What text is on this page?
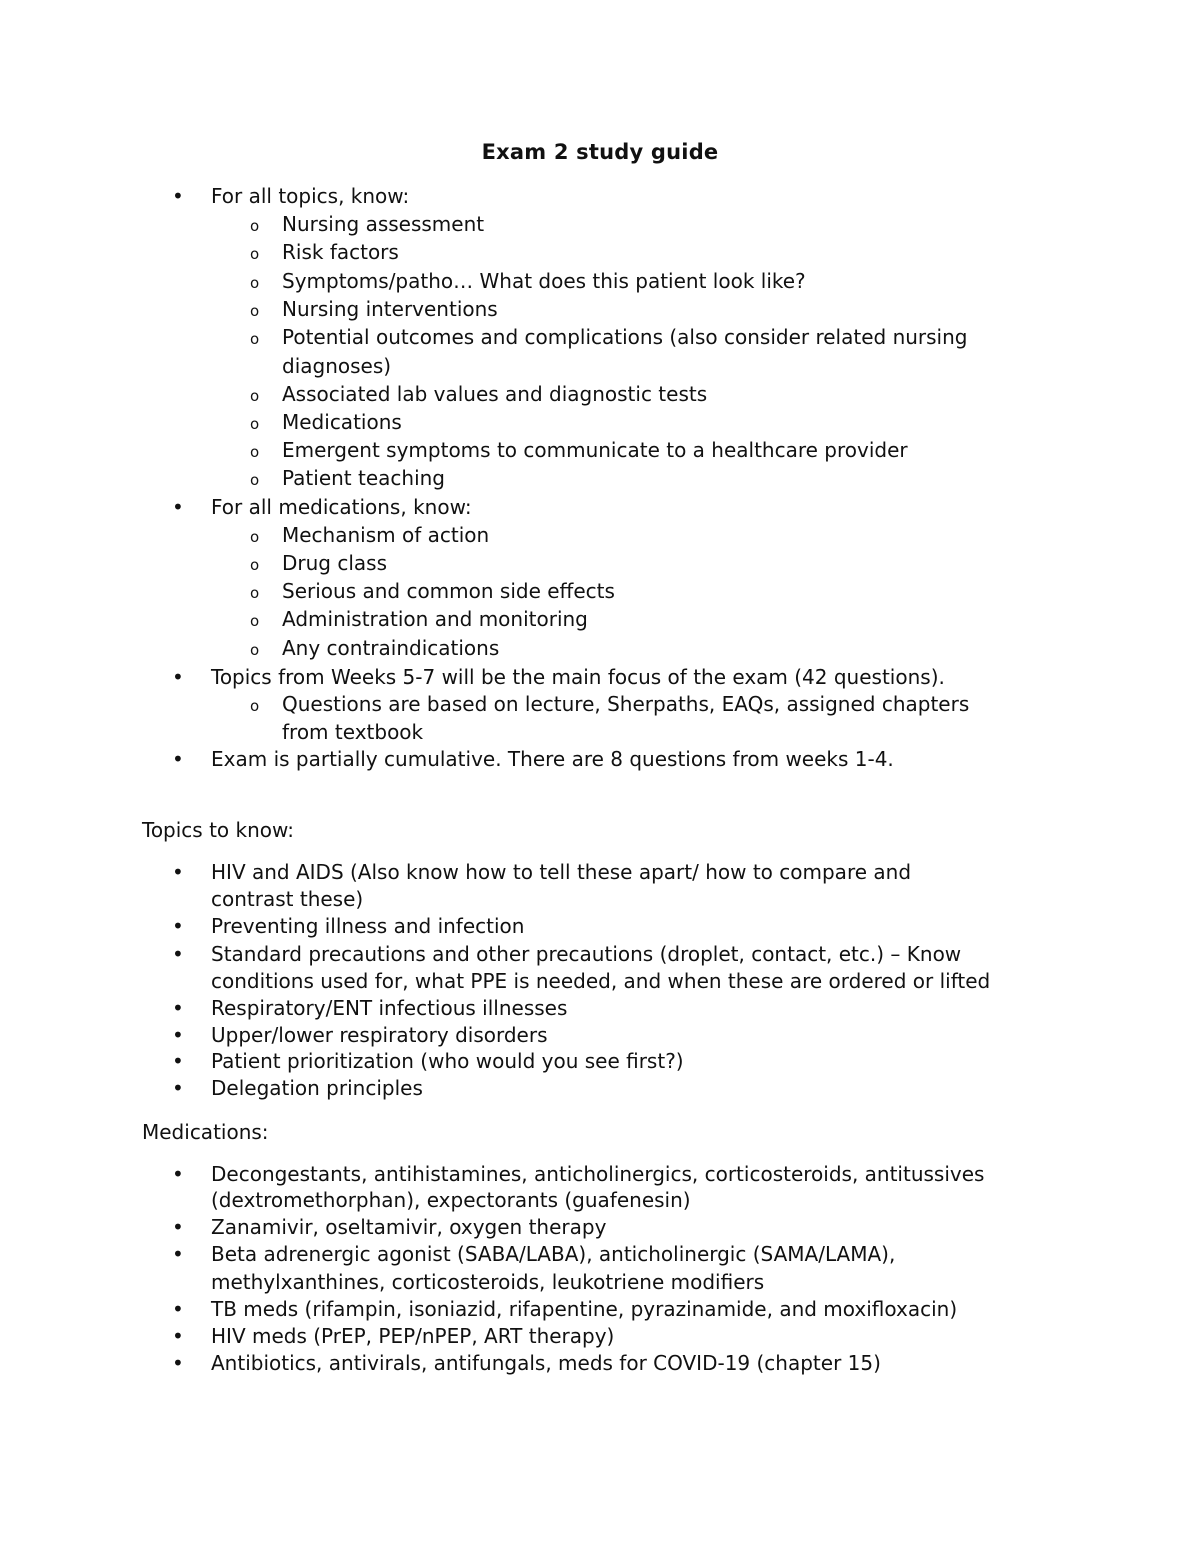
Exam 2 study guide
• For all topics, know:
o Nursing assessment
o Risk factors
o Symptoms/patho… What does this patient look like?
o Nursing interventions
o Potential outcomes and complications (also consider related nursing
diagnoses)
o Associated lab values and diagnostic tests
o Medications
o Emergent symptoms to communicate to a healthcare provider
o Patient teaching
• For all medications, know:
o Mechanism of action
o Drug class
o Serious and common side effects
o Administration and monitoring
o Any contraindications
• Topics from Weeks 5-7 will be the main focus of the exam (42 questions).
o Questions are based on lecture, Sherpaths, EAQs, assigned chapters
from textbook
• Exam is partially cumulative. There are 8 questions from weeks 1-4.
Topics to know:
• HIV and AIDS (Also know how to tell these apart/ how to compare and
contrast these)
• Preventing illness and infection
• Standard precautions and other precautions (droplet, contact, etc.) – Know
conditions used for, what PPE is needed, and when these are ordered or lifted
• Respiratory/ENT infectious illnesses
• Upper/lower respiratory disorders
• Patient prioritization (who would you see first?)
• Delegation principles
Medications:
• Decongestants, antihistamines, anticholinergics, corticosteroids, antitussives
(dextromethorphan), expectorants (guafenesin)
• Zanamivir, oseltamivir, oxygen therapy
• Beta adrenergic agonist (SABA/LABA), anticholinergic (SAMA/LAMA),
methylxanthines, corticosteroids, leukotriene modifiers
• TB meds (rifampin, isoniazid, rifapentine, pyrazinamide, and moxifloxacin)
• HIV meds (PrEP, PEP/nPEP, ART therapy)
• Antibiotics, antivirals, antifungals, meds for COVID-19 (chapter 15)
